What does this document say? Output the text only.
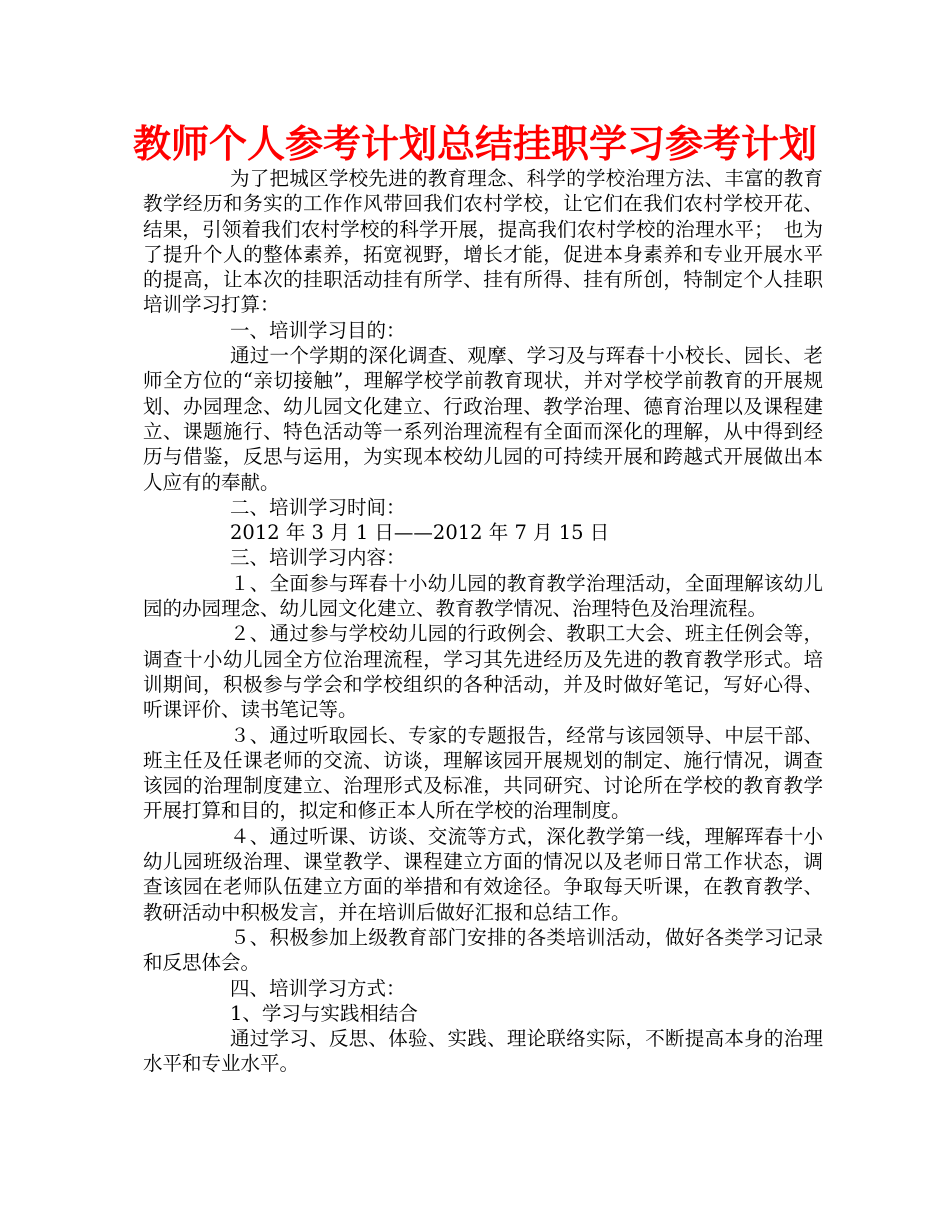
教师个人参考计划总结挂职学习参考计划

为了把城区学校先进的教育理念、科学的学校治理方法、丰富的教育教学经历和务实的工作作风带回我们农村学校，让它们在我们农村学校开花、结果，引领着我们农村学校的科学开展，提高我们农村学校的治理水平；　也为了提升个人的整体素养，拓宽视野，增长才能，促进本身素养和专业开展水平的提高，让本次的挂职活动挂有所学、挂有所得、挂有所创，特制定个人挂职培训学习打算：

一、培训学习目的：

通过一个学期的深化调查、观摩、学习及与珲春十小校长、园长、老师全方位的“亲切接触”，理解学校学前教育现状，并对学校学前教育的开展规划、办园理念、幼儿园文化建立、行政治理、教学治理、德育治理以及课程建立、课题施行、特色活动等一系列治理流程有全面而深化的理解，从中得到经历与借鉴，反思与运用，为实现本校幼儿园的可持续开展和跨越式开展做出本人应有的奉献。

二、培训学习时间：

2012 年 3 月 1 日——2012 年 7 月 15 日

三、培训学习内容：

１、全面参与珲春十小幼儿园的教育教学治理活动，全面理解该幼儿园的办园理念、幼儿园文化建立、教育教学情况、治理特色及治理流程。

２、通过参与学校幼儿园的行政例会、教职工大会、班主任例会等，调查十小幼儿园全方位治理流程，学习其先进经历及先进的教育教学形式。培训期间，积极参与学会和学校组织的各种活动，并及时做好笔记，写好心得、听课评价、读书笔记等。

３、通过听取园长、专家的专题报告，经常与该园领导、中层干部、班主任及任课老师的交流、访谈，理解该园开展规划的制定、施行情况，调查该园的治理制度建立、治理形式及标准，共同研究、讨论所在学校的教育教学开展打算和目的，拟定和修正本人所在学校的治理制度。

４、通过听课、访谈、交流等方式，深化教学第一线，理解珲春十小幼儿园班级治理、课堂教学、课程建立方面的情况以及老师日常工作状态，调查该园在老师队伍建立方面的举措和有效途径。争取每天听课，在教育教学、教研活动中积极发言，并在培训后做好汇报和总结工作。

５、积极参加上级教育部门安排的各类培训活动，做好各类学习记录和反思体会。

四、培训学习方式：

1、学习与实践相结合

通过学习、反思、体验、实践、理论联络实际，不断提高本身的治理水平和专业水平。
